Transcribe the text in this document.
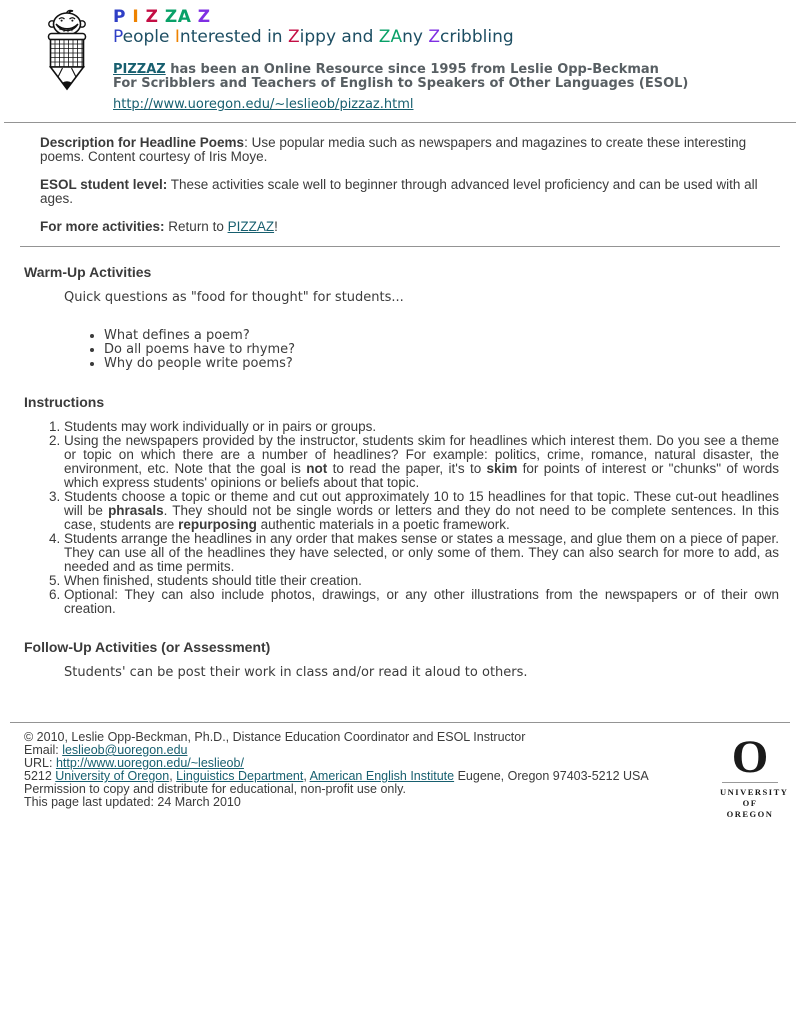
P I Z ZA Z
People Interested in Zippy and ZAny Zcribbling
PIZZAZ has been an Online Resource since 1995 from Leslie Opp-Beckman
For Scribblers and Teachers of English to Speakers of Other Languages (ESOL)
http://www.uoregon.edu/~leslieob/pizzaz.html

Description for Headline Poems: Use popular media such as newspapers and magazines to create these interesting poems. Content courtesy of Iris Moye.

ESOL student level: These activities scale well to beginner through advanced level proficiency and can be used with all ages.

For more activities: Return to PIZZAZ!

Warm-Up Activities
Quick questions as "food for thought" for students...
• What defines a poem?
• Do all poems have to rhyme?
• Why do people write poems?
Instructions
1. Students may work individually or in pairs or groups.
2. Using the newspapers provided by the instructor, students skim for headlines which interest them. Do you see a theme or topic on which there are a number of headlines? For example: politics, crime, romance, natural disaster, the environment, etc. Note that the goal is not to read the paper, it's to skim for points of interest or "chunks" of words which express students' opinions or beliefs about that topic.
3. Students choose a topic or theme and cut out approximately 10 to 15 headlines for that topic. These cut-out headlines will be phrasals. They should not be single words or letters and they do not need to be complete sentences. In this case, students are repurposing authentic materials in a poetic framework.
4. Students arrange the headlines in any order that makes sense or states a message, and glue them on a piece of paper. They can use all of the headlines they have selected, or only some of them. They can also search for more to add, as needed and as time permits.
5. When finished, students should title their creation.
6. Optional: They can also include photos, drawings, or any other illustrations from the newspapers or of their own creation.
Follow-Up Activities (or Assessment)
Students' can be post their work in class and/or read it aloud to others.
© 2010, Leslie Opp-Beckman, Ph.D., Distance Education Coordinator and ESOL Instructor
Email: leslieob@uoregon.edu
URL: http://www.uoregon.edu/~leslieob/
5212 University of Oregon, Linguistics Department, American English Institute Eugene, Oregon 97403-5212 USA
Permission to copy and distribute for educational, non-profit use only.
This page last updated: 24 March 2010
O
UNIVERSITY
OF OREGON
